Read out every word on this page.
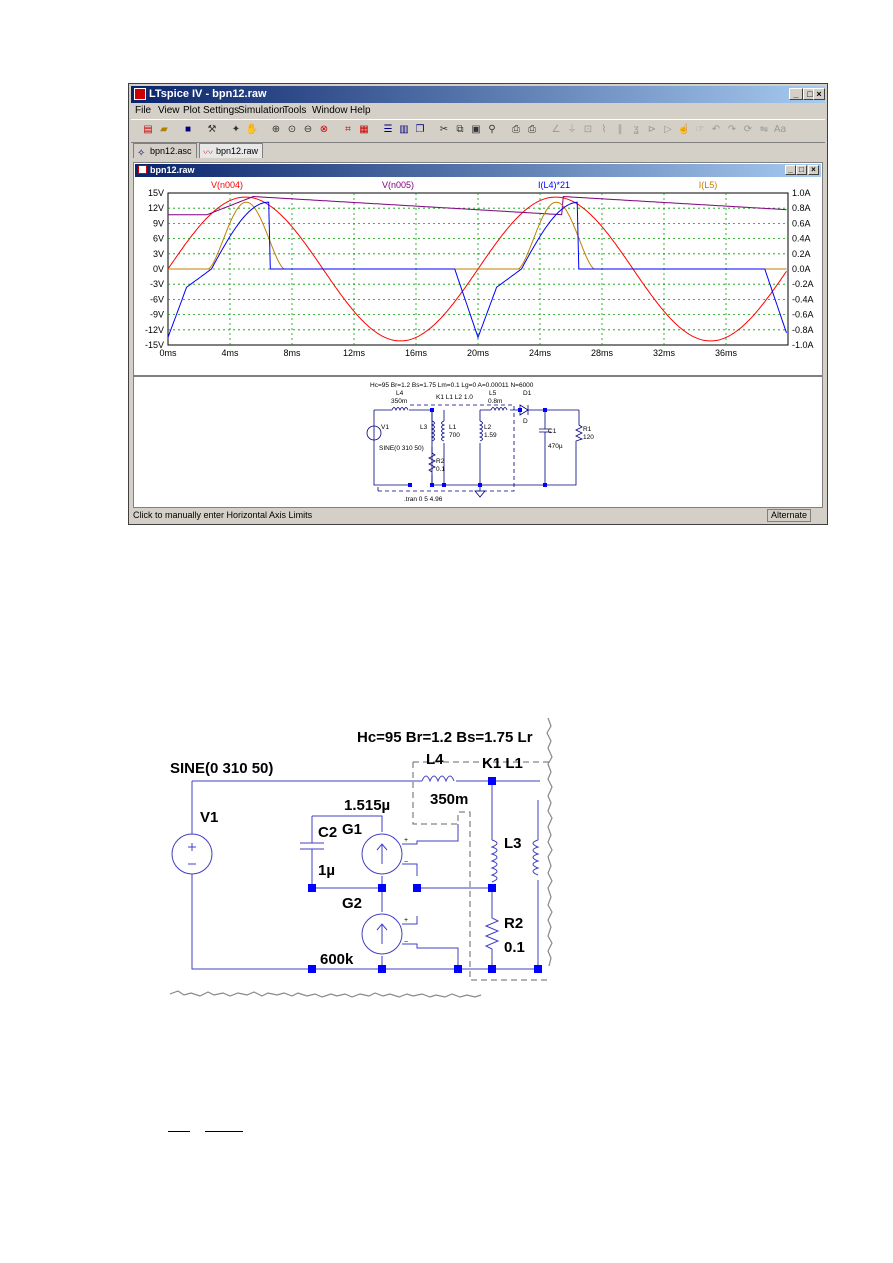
LTspice IV - bpn12.raw	_ □ ×
File View Plot Settings
Simulation
Tools Window Help
▤ ▰	■	⚒ ✦ ✋ ⊕ ⊙ ⊖ ⊗	⌗ ▦ ☰ ▥ ❐ ✂ ⧉ ▣ ⚲	⎙ ⎙	∠ ⏚ ⊡ ⌇	∥	ʓ ⊳ ▷ ☝ ☞ ↶ ↷ ⟳ ⇋ Aa
✧ bpn12.asc	〰 bpn12.raw
bpn12.raw	_ □ ×
15V
12V
9V
6V
3V
0V
-3V
-6V
-9V
-12V
-15V
1.0A
0.8A
0.6A
0.4A
0.2A
0.0A
-0.2A
-0.4A
-0.6A
-0.8A
-1.0A
0ms	4ms	8ms	12ms	16ms	20ms	24ms	28ms	32ms	36ms
V(n004)	V(n005)	I(L4)*21	I(L5)
Hc=95 Br=1.2 Bs=1.75 Lm=0.1 Lg=0 A=0.00011 N=6000
K1 L1 L2 1.0
L4
350m
L5
0.8m
D1
D
L3	L1
700
L2
1.59
C1
470µ
R1
120
R2
0.1
V1
SINE(0 310 50)
.tran 0 5 4.96
Click to manually enter Horizontal Axis Limits	Alternate
+
−
+
−
Hc=95 Br=1.2 Bs=1.75 Lr
SINE(0 310 50)
V1
L4
350m
K1 L1
1.515µ
G1
C2
1µ
L3
G2
R2
0.1
600k
